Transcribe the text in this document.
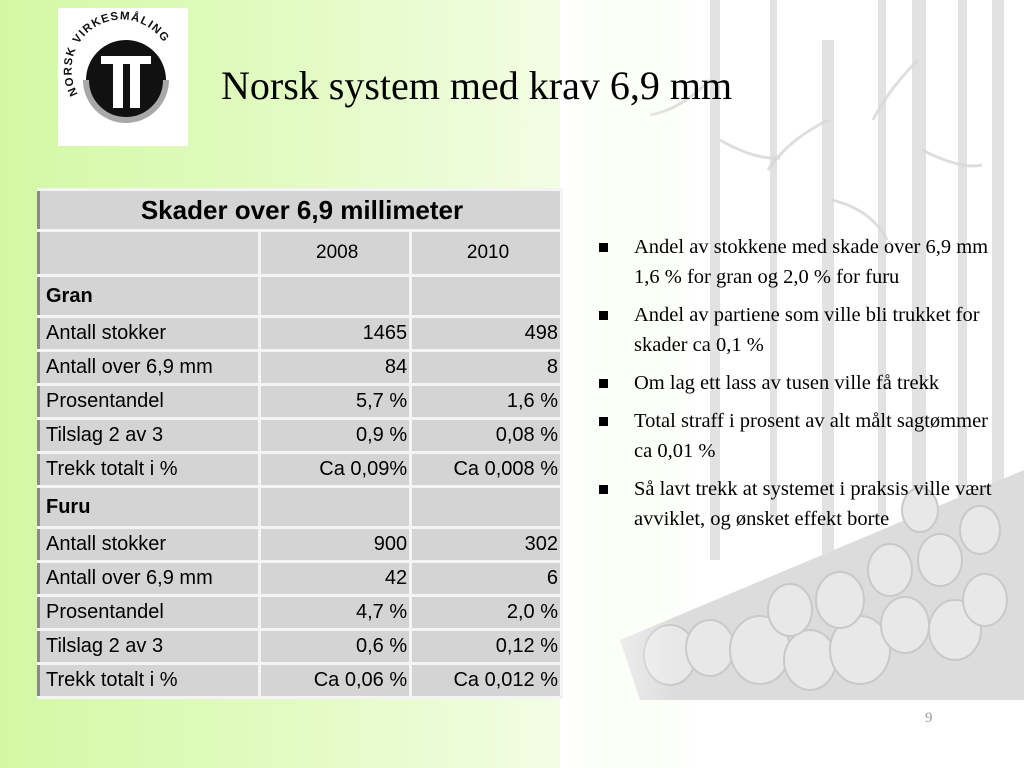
NORSK VIRKESMÅLING
Norsk system med krav 6,9 mm
Skader over 6,9 millimeter		
	2008	2010
Gran		
Antall stokker	1465	498
Antall over 6,9 mm	84	8
Prosentandel	5,7 %	1,6 %
Tilslag 2 av 3	0,9 %	0,08 %
Trekk totalt i %	Ca 0,09%	Ca 0,008 %
Furu		
Antall stokker	900	302
Antall over 6,9 mm	42	6
Prosentandel	4,7 %	2,0 %
Tilslag 2 av 3	0,6 %	0,12 %
Trekk totalt i %	Ca 0,06 %	Ca 0,012 %
Andel av stokkene med skade over 6,9 mm 1,6 % for gran og 2,0 % for furu
Andel av partiene som ville bli trukket for skader ca 0,1 %
Om lag ett lass av tusen ville få trekk
Total straff i prosent av alt målt sagtømmer ca 0,01 %
Så lavt trekk at systemet i praksis ville vært avviklet, og ønsket effekt borte
9
